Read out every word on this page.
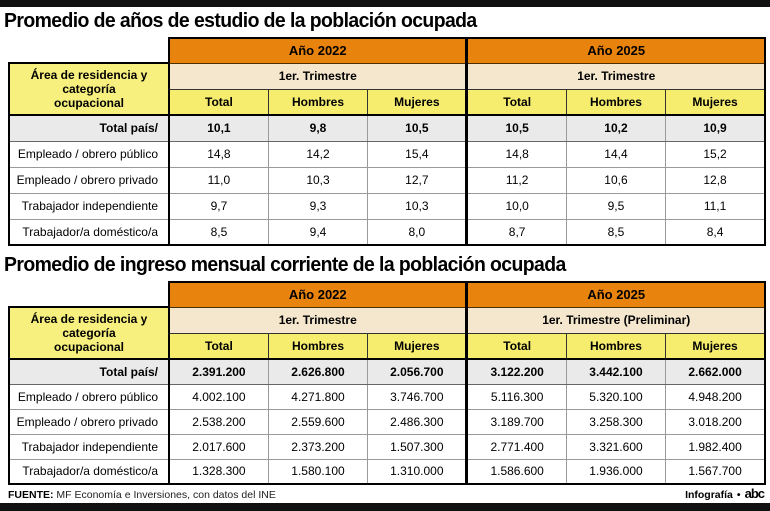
Promedio de años de estudio de la población ocupada
	Año 2022			Año 2025		
Área de residencia y categoría ocupacional	1er. Trimestre			1er. Trimestre		
	Total	Hombres	Mujeres	Total	Hombres	Mujeres
Total país/	10,1	9,8	10,5	10,5	10,2	10,9
Empleado / obrero público	14,8	14,2	15,4	14,8	14,4	15,2
Empleado / obrero privado	11,0	10,3	12,7	11,2	10,6	12,8
Trabajador independiente	9,7	9,3	10,3	10,0	9,5	11,1
Trabajador/a doméstico/a	8,5	9,4	8,0	8,7	8,5	8,4
Promedio de ingreso mensual corriente de la población ocupada
	Año 2022			Año 2025		
Área de residencia y categoría ocupacional	1er. Trimestre			1er. Trimestre (Preliminar)		
	Total	Hombres	Mujeres	Total	Hombres	Mujeres
Total país/	2.391.200	2.626.800	2.056.700	3.122.200	3.442.100	2.662.000
Empleado / obrero público	4.002.100	4.271.800	3.746.700	5.116.300	5.320.100	4.948.200
Empleado / obrero privado	2.538.200	2.559.600	2.486.300	3.189.700	3.258.300	3.018.200
Trabajador independiente	2.017.600	2.373.200	1.507.300	2.771.400	3.321.600	1.982.400
Trabajador/a doméstico/a	1.328.300	1.580.100	1.310.000	1.586.600	1.936.000	1.567.700
FUENTE: MF Economía e Inversiones, con datos del INE	Infografía • abc
